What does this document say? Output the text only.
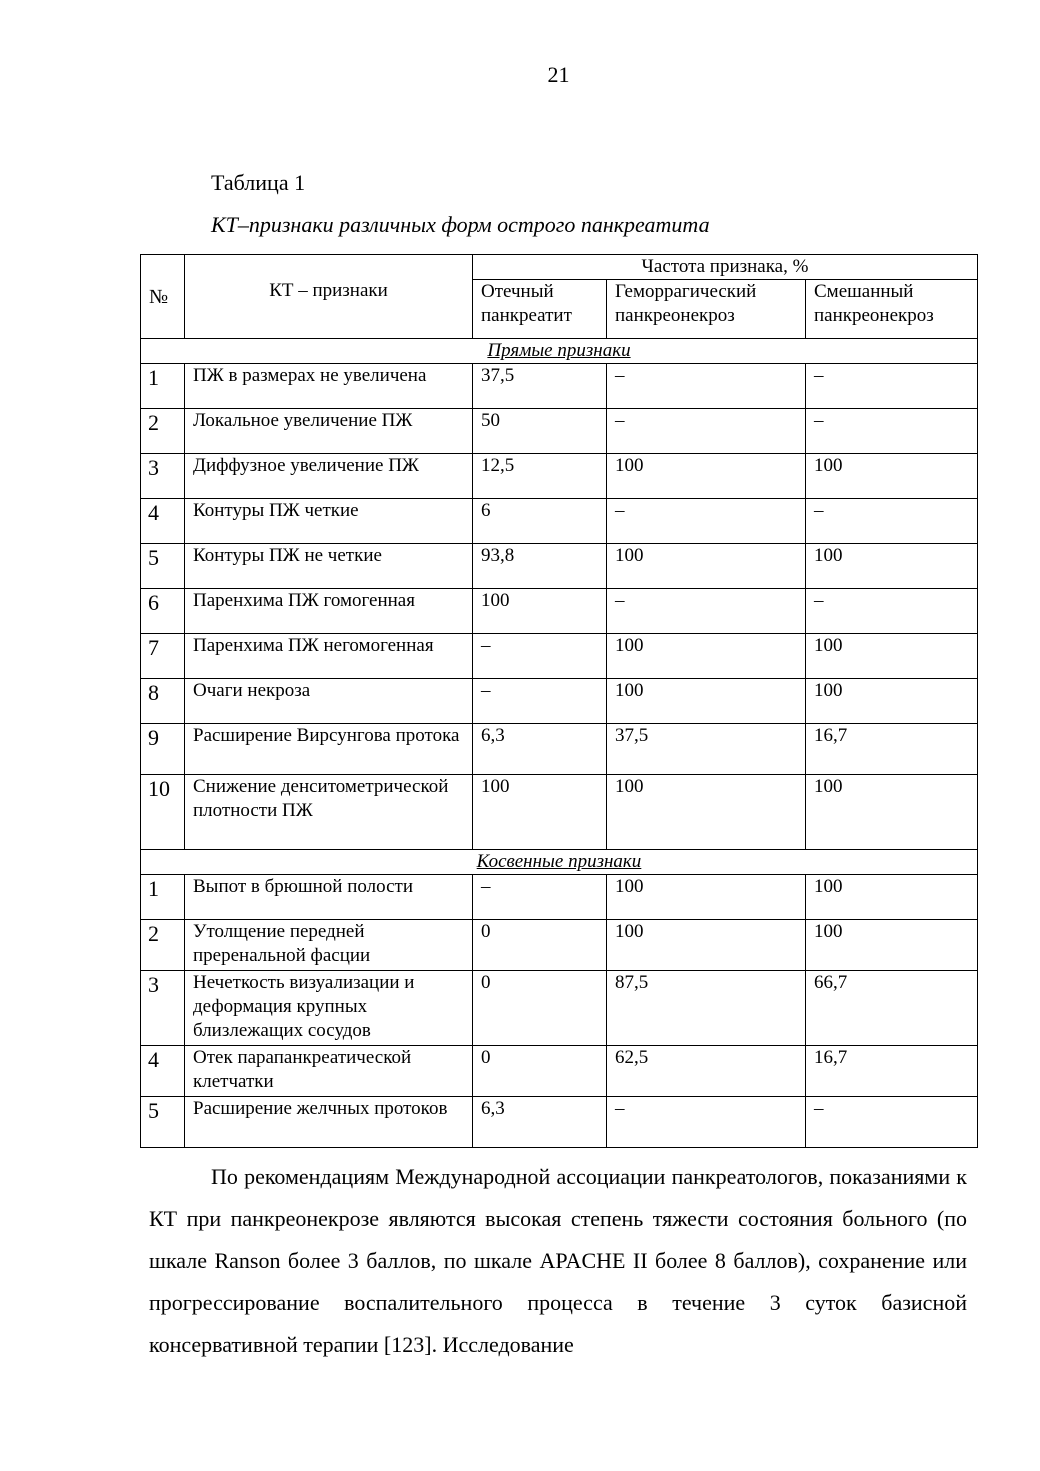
21
Таблица 1
КТ–признаки различных форм острого панкреатита
№	КТ – признаки	Частота признака, %		
		Отечный панкреатит	Геморрагический панкреонекроз	Смешанный панкреонекроз
Прямые признаки				
1	ПЖ в размерах не увеличена	37,5	–	–
2	Локальное увеличение ПЖ	50	–	–
3	Диффузное увеличение ПЖ	12,5	100	100
4	Контуры ПЖ четкие	6	–	–
5	Контуры ПЖ не четкие	93,8	100	100
6	Паренхима ПЖ гомогенная	100	–	–
7	Паренхима ПЖ негомогенная	–	100	100
8	Очаги некроза	–	100	100
9	Расширение Вирсунгова протока	6,3	37,5	16,7
10	Снижение денситометрической плотности ПЖ	100	100	100
Косвенные признаки				
1	Выпот в брюшной полости	–	100	100
2	Утолщение передней преренальной фасции	0	100	100
3	Нечеткость визуализации и деформация крупных близлежащих сосудов	0	87,5	66,7
4	Отек парапанкреатической клетчатки	0	62,5	16,7
5	Расширение желчных протоков	6,3	–	–

По рекомендациям Международной ассоциации панкреатологов, показаниями к КТ при панкреонекрозе являются высокая степень тяжести состояния больного (по шкале Ranson более 3 баллов, по шкале APACHE II более 8 баллов), сохранение или прогрессирование воспалительного процесса в течение 3 суток базисной консервативной терапии [123]. Исследование
